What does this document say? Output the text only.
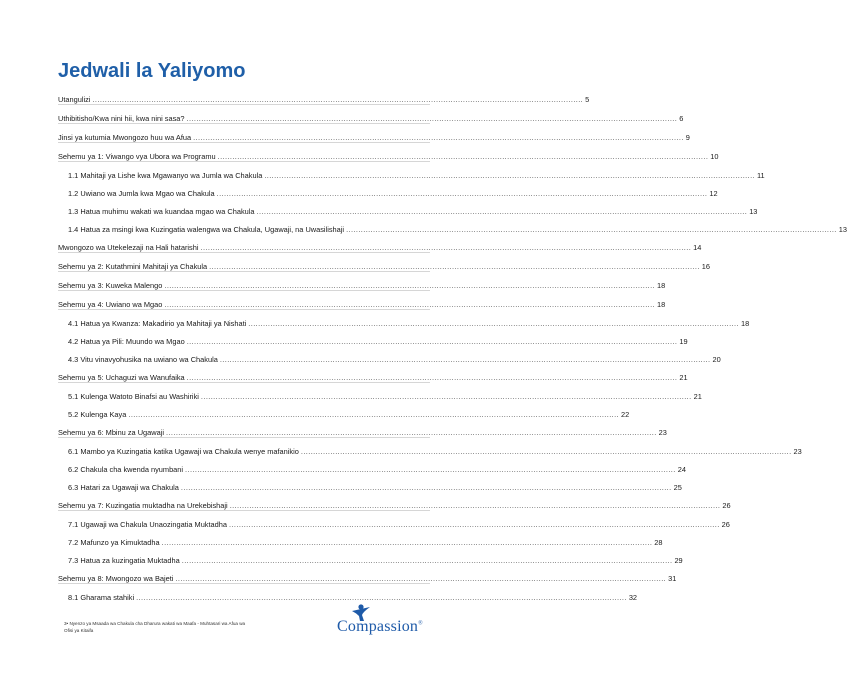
Jedwali la Yaliyomo
Utangulizi ........................................................................................................................................................................................................ 5
Uthibitisho/Kwa nini hii, kwa nini sasa? ........................................................................................................................................................................................................ 6
Jinsi ya kutumia Mwongozo huu wa Afua ........................................................................................................................................................................................................ 9
Sehemu ya 1: Viwango vya Ubora wa Programu ........................................................................................................................................................................................................ 10
1.1 Mahitaji ya Lishe kwa Mgawanyo wa Jumla wa Chakula ........................................................................................................................................................................................................ 11
1.2 Uwiano wa Jumla kwa Mgao wa Chakula ........................................................................................................................................................................................................ 12
1.3 Hatua muhimu wakati wa kuandaa mgao wa Chakula ........................................................................................................................................................................................................ 13
1.4 Hatua za msingi kwa Kuzingatia walengwa wa Chakula, Ugawaji, na Uwasilishaji ........................................................................................................................................................................................................ 13
Mwongozo wa Utekelezaji na Hali hatarishi ........................................................................................................................................................................................................ 14
Sehemu ya 2: Kutathmini Mahitaji ya Chakula ........................................................................................................................................................................................................ 16
Sehemu ya 3: Kuweka Malengo ........................................................................................................................................................................................................ 18
Sehemu ya 4: Uwiano wa Mgao ........................................................................................................................................................................................................ 18
4.1 Hatua ya Kwanza: Makadirio ya Mahitaji ya Nishati ........................................................................................................................................................................................................ 18
4.2 Hatua ya Pili: Muundo wa Mgao ........................................................................................................................................................................................................ 19
4.3 Vitu vinavyohusika na uwiano wa Chakula ........................................................................................................................................................................................................ 20
Sehemu ya 5: Uchaguzi wa Wanufaika ........................................................................................................................................................................................................ 21
5.1 Kulenga Watoto Binafsi au Washiriki ........................................................................................................................................................................................................ 21
5.2 Kulenga Kaya ........................................................................................................................................................................................................ 22
Sehemu ya 6: Mbinu za Ugawaji ........................................................................................................................................................................................................ 23
6.1 Mambo ya Kuzingatia katika Ugawaji wa Chakula wenye mafanikio ........................................................................................................................................................................................................ 23
6.2 Chakula cha kwenda nyumbani ........................................................................................................................................................................................................ 24
6.3 Hatari za Ugawaji wa Chakula ........................................................................................................................................................................................................ 25
Sehemu ya 7: Kuzingatia muktadha na Urekebishaji ........................................................................................................................................................................................................ 26
7.1 Ugawaji wa Chakula Unaozingatia Muktadha ........................................................................................................................................................................................................ 26
7.2 Mafunzo ya Kimuktadha ........................................................................................................................................................................................................ 28
7.3 Hatua za kuzingatia Muktadha ........................................................................................................................................................................................................ 29
Sehemu ya 8: Mwongozo wa Bajeti ........................................................................................................................................................................................................ 31
8.1 Gharama stahiki ........................................................................................................................................................................................................ 32
3• Nyenzo ya Msaada wa Chakula cha Dharura wakati wa Maafa - Muhtasari wa Afua wa
Ofisi ya Kitaifa	Compassion®
